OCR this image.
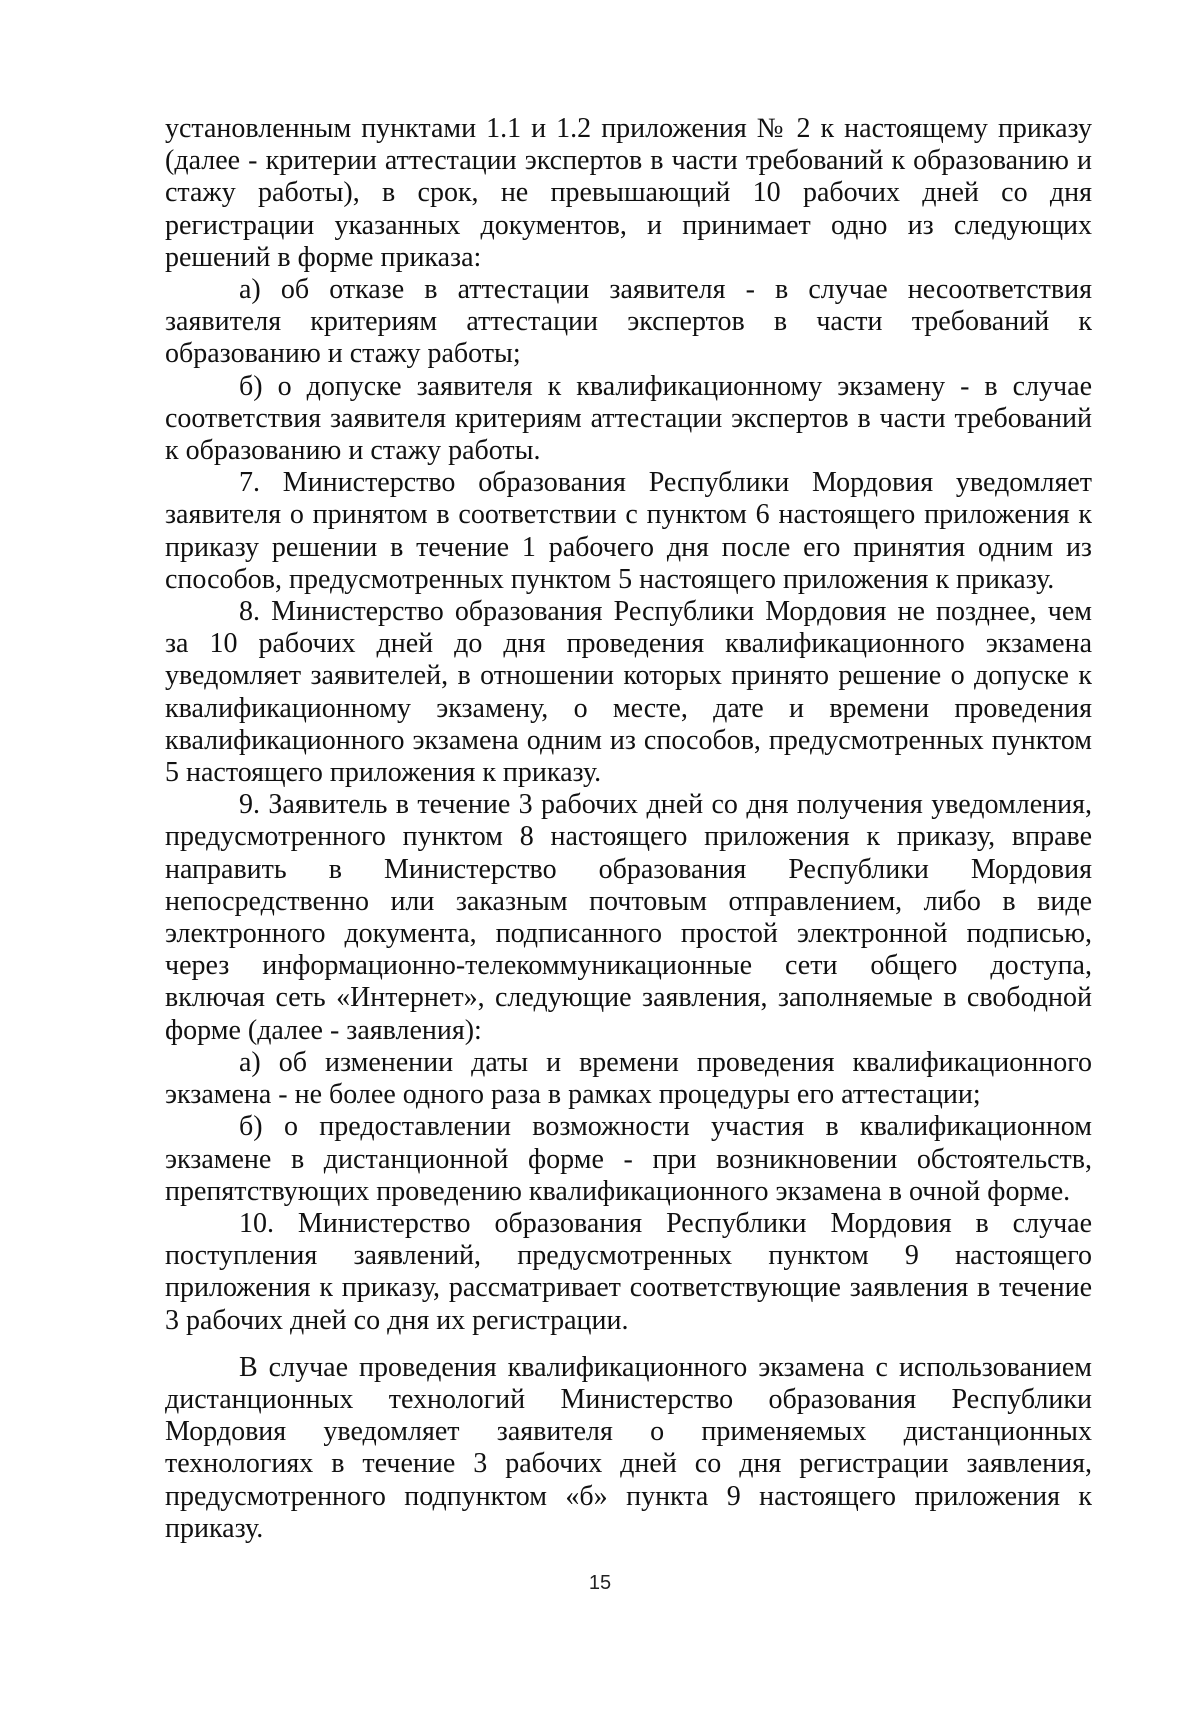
установленным пунктами 1.1 и 1.2 приложения № 2 к настоящему приказу (далее - критерии аттестации экспертов в части требований к образованию и стажу работы), в срок, не превышающий 10 рабочих дней со дня регистрации указанных документов, и принимает одно из следующих решений в форме приказа:

а) об отказе в аттестации заявителя - в случае несоответствия заявителя критериям аттестации экспертов в части требований к образованию и стажу работы;

б) о допуске заявителя к квалификационному экзамену - в случае соответствия заявителя критериям аттестации экспертов в части требований к образованию и стажу работы.

7. Министерство образования Республики Мордовия уведомляет заявителя о принятом в соответствии с пунктом 6 настоящего приложения к приказу решении в течение 1 рабочего дня после его принятия одним из способов, предусмотренных пунктом 5 настоящего приложения к приказу.

8. Министерство образования Республики Мордовия не позднее, чем за 10 рабочих дней до дня проведения квалификационного экзамена уведомляет заявителей, в отношении которых принято решение о допуске к квалификационному экзамену, о месте, дате и времени проведения квалификационного экзамена одним из способов, предусмотренных пунктом 5 настоящего приложения к приказу.

9. Заявитель в течение 3 рабочих дней со дня получения уведомления, предусмотренного пунктом 8 настоящего приложения к приказу, вправе направить в Министерство образования Республики Мордовия непосредственно или заказным почтовым отправлением, либо в виде электронного документа, подписанного простой электронной подписью, через информационно-телекоммуникационные сети общего доступа, включая сеть «Интернет», следующие заявления, заполняемые в свободной форме (далее - заявления):

а) об изменении даты и времени проведения квалификационного экзамена - не более одного раза в рамках процедуры его аттестации;

б) о предоставлении возможности участия в квалификационном экзамене в дистанционной форме - при возникновении обстоятельств, препятствующих проведению квалификационного экзамена в очной форме.

10. Министерство образования Республики Мордовия в случае поступления заявлений, предусмотренных пунктом 9 настоящего приложения к приказу, рассматривает соответствующие заявления в течение 3 рабочих дней со дня их регистрации.

В случае проведения квалификационного экзамена с использованием дистанционных технологий Министерство образования Республики Мордовия уведомляет заявителя о применяемых дистанционных технологиях в течение 3 рабочих дней со дня регистрации заявления, предусмотренного подпунктом «б» пункта 9 настоящего приложения к приказу.

15
